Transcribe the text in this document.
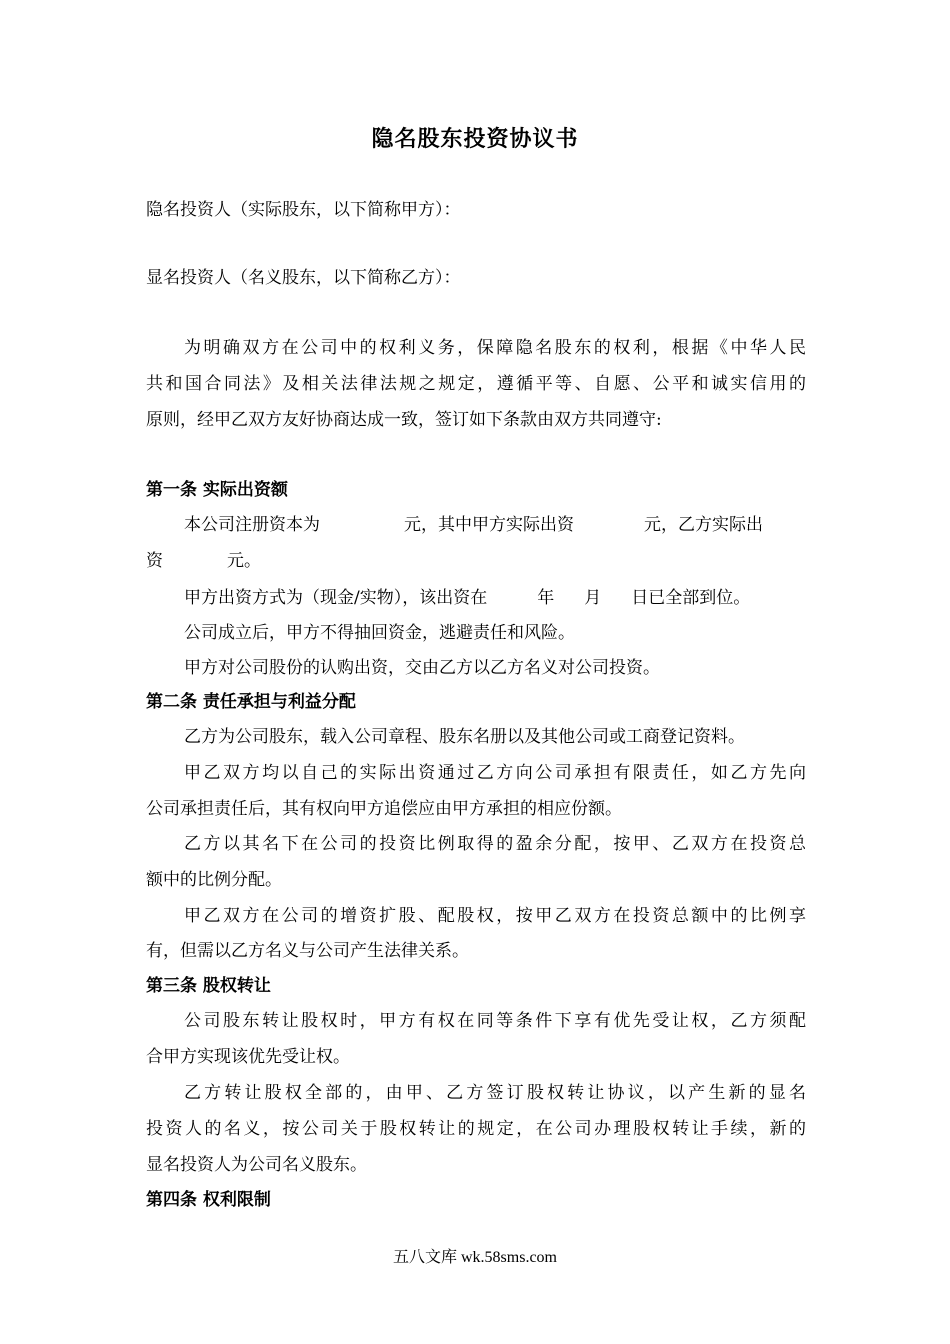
隐名股东投资协议书
隐名投资人（实际股东，以下简称甲方）：
显名投资人（名义股东，以下简称乙方）：
为明确双方在公司中的权利义务，保障隐名股东的权利，根据《中华人民
共和国合同法》及相关法律法规之规定，遵循平等、自愿、公平和诚实信用的
原则，经甲乙双方友好协商达成一致，签订如下条款由双方共同遵守:
第一条 实际出资额
本公司注册资本为	元，其中甲方实际出资	元，乙方实际出
资	元。
甲方出资方式为（现金/实物），该出资在	年 月 日已全部到位。
公司成立后，甲方不得抽回资金，逃避责任和风险。
甲方对公司股份的认购出资，交由乙方以乙方名义对公司投资。
第二条 责任承担与利益分配
乙方为公司股东，载入公司章程、股东名册以及其他公司或工商登记资料。
甲乙双方均以自己的实际出资通过乙方向公司承担有限责任，如乙方先向
公司承担责任后，其有权向甲方追偿应由甲方承担的相应份额。
乙方以其名下在公司的投资比例取得的盈余分配，按甲、乙双方在投资总
额中的比例分配。
甲乙双方在公司的增资扩股、配股权，按甲乙双方在投资总额中的比例享
有，但需以乙方名义与公司产生法律关系。
第三条 股权转让
公司股东转让股权时，甲方有权在同等条件下享有优先受让权，乙方须配
合甲方实现该优先受让权。
乙方转让股权全部的，由甲、乙方签订股权转让协议，以产生新的显名
投资人的名义，按公司关于股权转让的规定，在公司办理股权转让手续，新的
显名投资人为公司名义股东。
第四条 权利限制
五八文库 wk.58sms.com
